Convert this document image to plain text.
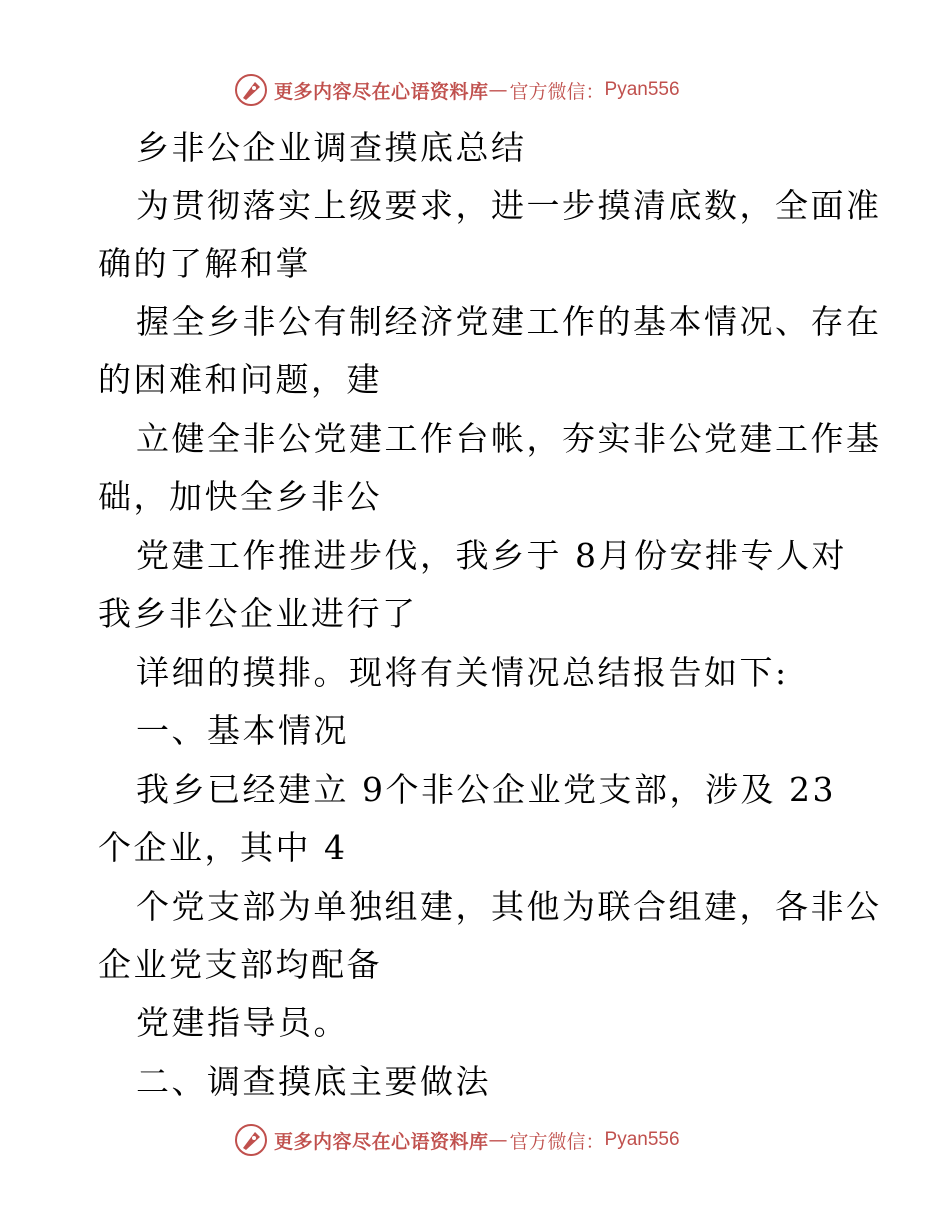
更多内容尽在心语资料库 — 官方微信： Pyan556
乡非公企业调查摸底总结
为贯彻落实上级要求，进一步摸清底数，全面准
确的了解和掌
握全乡非公有制经济党建工作的基本情况、存在
的困难和问题，建
立健全非公党建工作台帐，夯实非公党建工作基
础，加快全乡非公
党建工作推进步伐，我乡于 8月份安排专人对
我乡非公企业进行了
详细的摸排。现将有关情况总结报告如下:
一、基本情况
我乡已经建立 9个非公企业党支部，涉及 23
个企业，其中 4
个党支部为单独组建，其他为联合组建，各非公
企业党支部均配备
党建指导员。
二、调查摸底主要做法
更多内容尽在心语资料库 — 官方微信： Pyan556
